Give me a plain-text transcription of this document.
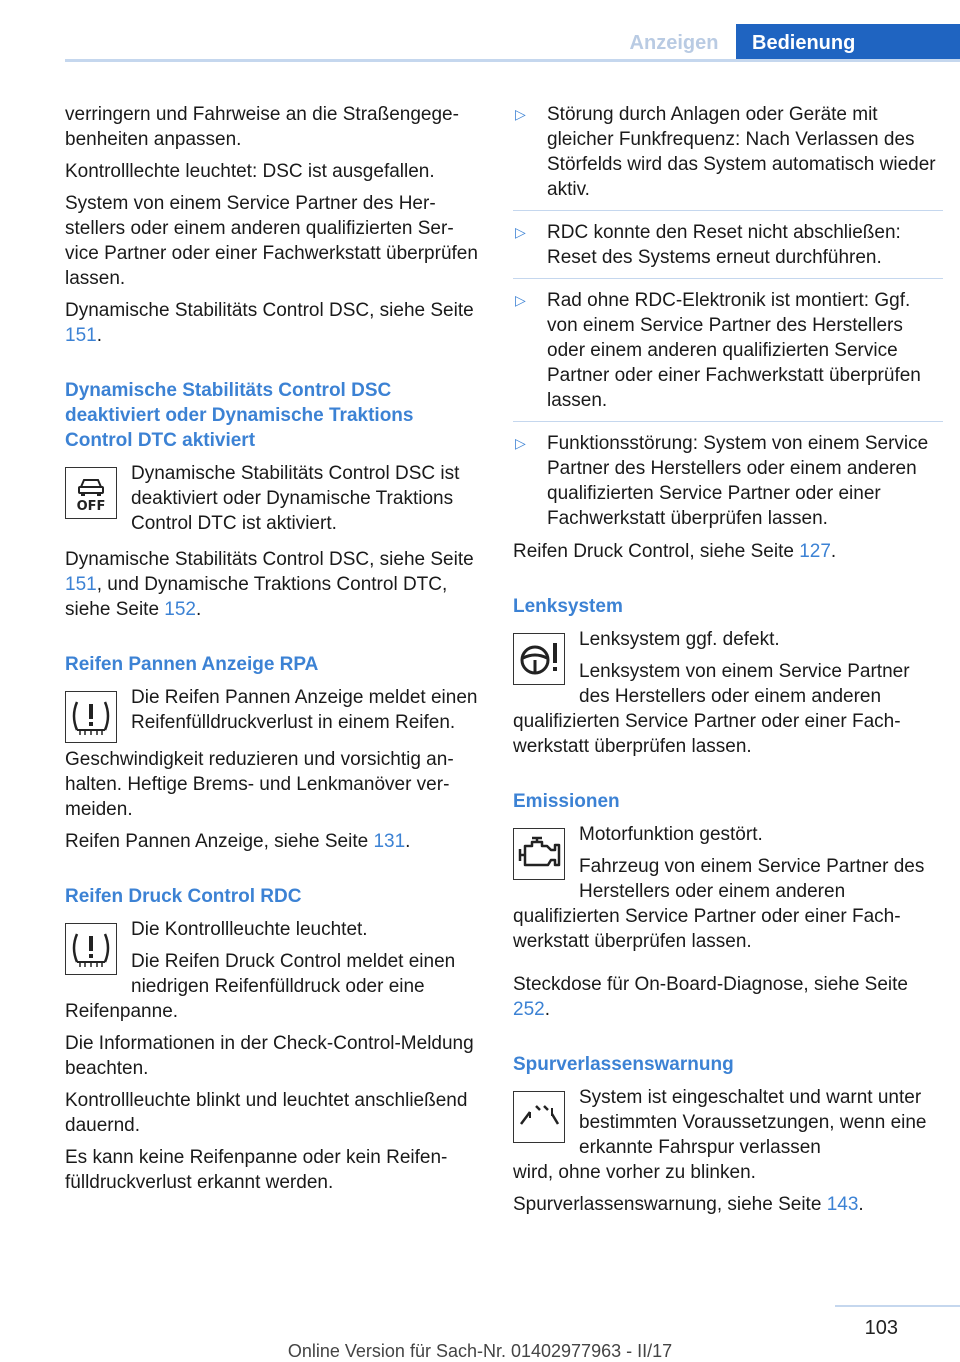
Anzeigen	Bedienung

verringern und Fahrweise an die Straßengegebenheiten anpassen.

Kontrolllechte leuchtet: DSC ist ausgefallen.

System von einem Service Partner des Herstellers oder einem anderen qualifizierten Service Partner oder einer Fachwerkstatt überprüfen lassen.

Dynamische Stabilitäts Control DSC, siehe Seite 151.

Dynamische Stabilitäts Control DSC deaktiviert oder Dynamische Traktions Control DTC aktiviert
OFF

Dynamische Stabilitäts Control DSC ist deaktiviert oder Dynamische Traktions Control DTC ist aktiviert.

Dynamische Stabilitäts Control DSC, siehe Seite 151, und Dynamische Traktions Control DTC, siehe Seite 152.

Reifen Pannen Anzeige RPA

Die Reifen Pannen Anzeige meldet einen Reifenfülldruckverlust in einem Reifen.

Geschwindigkeit reduzieren und vorsichtig anhalten. Heftige Brems- und Lenkmanöver vermeiden.

Reifen Pannen Anzeige, siehe Seite 131.

Reifen Druck Control RDC

Die Kontrollleuchte leuchtet.

Die Reifen Druck Control meldet einen niedrigen Reifenfülldruck oder eine

Reifenpanne.

Die Informationen in der Check-Control-Meldung beachten.

Kontrollleuchte blinkt und leuchtet anschließend dauernd.

Es kann keine Reifenpanne oder kein Reifenfülldruckverlust erkannt werden.

▷	Störung durch Anlagen oder Geräte mit gleicher Funkfrequenz: Nach Verlassen des Störfelds wird das System automatisch wieder aktiv.
▷	RDC konnte den Reset nicht abschließen: Reset des Systems erneut durchführen.
▷	Rad ohne RDC-Elektronik ist montiert: Ggf. von einem Service Partner des Herstellers oder einem anderen qualifizierten Service Partner oder einer Fachwerkstatt überprüfen lassen.
▷	Funktionsstörung: System von einem Service Partner des Herstellers oder einem anderen qualifizierten Service Partner oder einer Fachwerkstatt überprüfen lassen.

Reifen Druck Control, siehe Seite 127.

Lenksystem

Lenksystem ggf. defekt.

Lenksystem von einem Service Partner des Herstellers oder einem anderen

qualifizierten Service Partner oder einer Fachwerkstatt überprüfen lassen.

Emissionen

Motorfunktion gestört.

Fahrzeug von einem Service Partner des Herstellers oder einem anderen

qualifizierten Service Partner oder einer Fachwerkstatt überprüfen lassen.

Steckdose für On-Board-Diagnose, siehe Seite 252.

Spurverlassenswarnung

System ist eingeschaltet und warnt unter bestimmten Voraussetzungen, wenn eine erkannte Fahrspur verlassen

wird, ohne vorher zu blinken.

Spurverlassenswarnung, siehe Seite 143.

103
Online Version für Sach-Nr. 01402977963 - II/17
